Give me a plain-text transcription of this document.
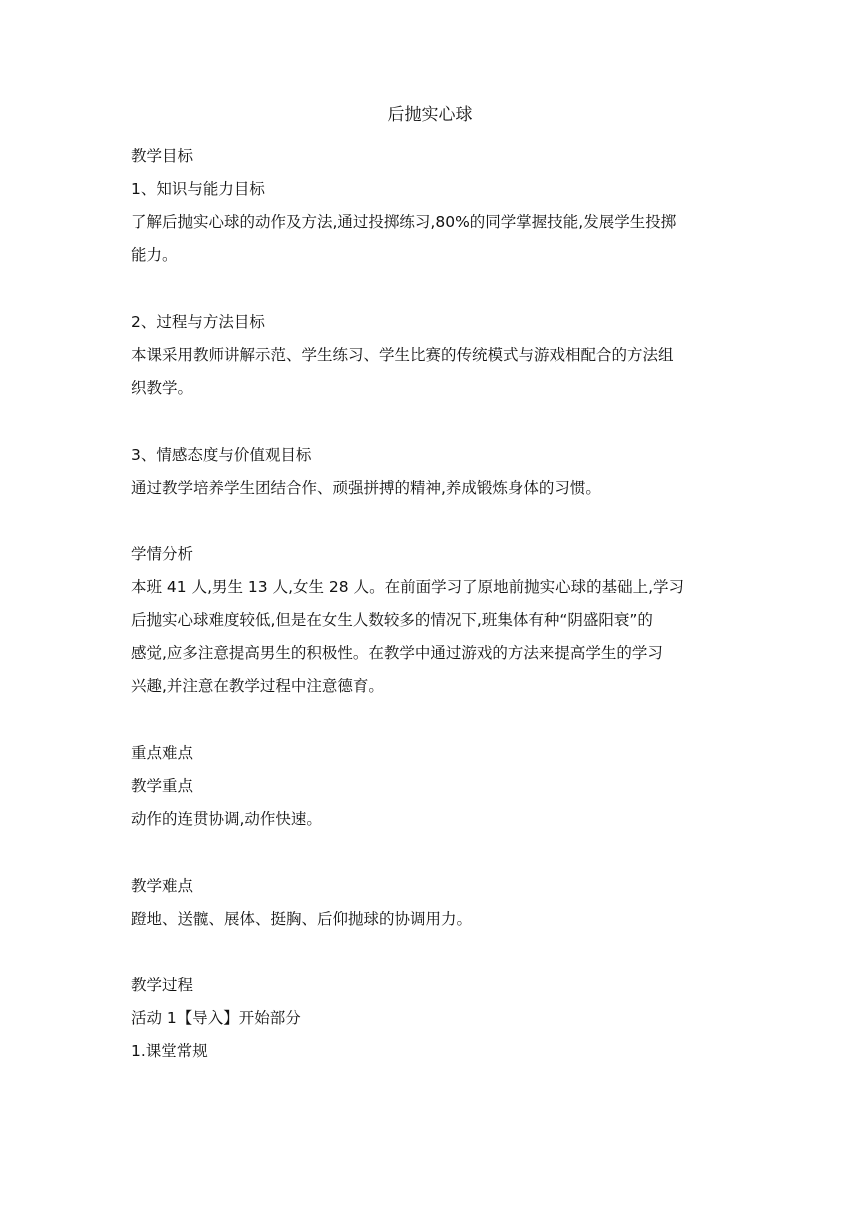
后抛实心球
教学目标
1、知识与能力目标
了解后抛实心球的动作及方法,通过投掷练习,80%的同学掌握技能,发展学生投掷
能力。
2、过程与方法目标
本课采用教师讲解示范、学生练习、学生比赛的传统模式与游戏相配合的方法组
织教学。
3、情感态度与价值观目标
通过教学培养学生团结合作、顽强拼搏的精神,养成锻炼身体的习惯。
学情分析
本班 41 人,男生 13 人,女生 28 人。在前面学习了原地前抛实心球的基础上,学习
后抛实心球难度较低,但是在女生人数较多的情况下,班集体有种“阴盛阳衰”的
感觉,应多注意提高男生的积极性。在教学中通过游戏的方法来提高学生的学习
兴趣,并注意在教学过程中注意德育。
重点难点
教学重点
动作的连贯协调,动作快速。
教学难点
蹬地、送髋、展体、挺胸、后仰抛球的协调用力。
教学过程
活动 1【导入】开始部分
1.课堂常规
